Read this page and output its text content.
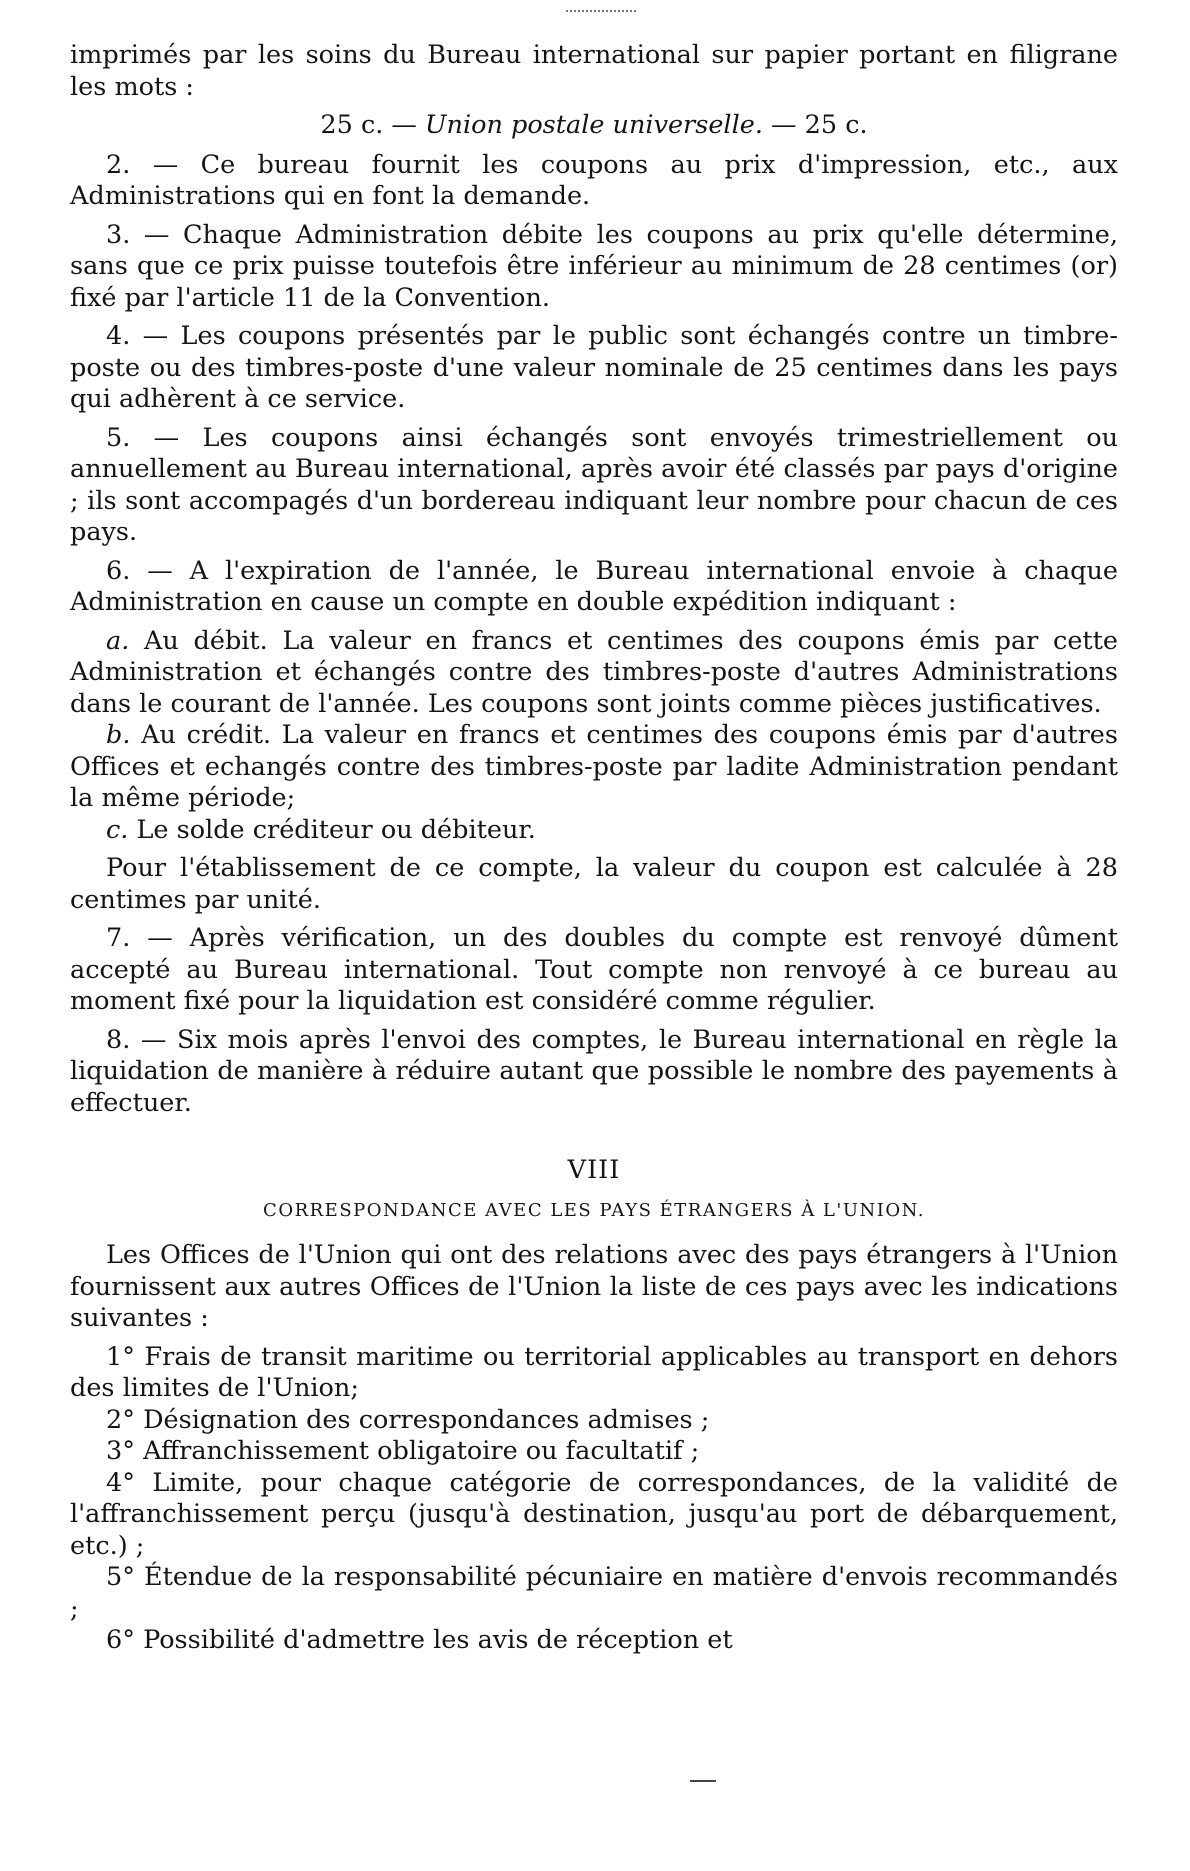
imprimés par les soins du Bureau international sur papier portant en filigrane les mots :

25 c. — Union postale universelle. — 25 c.

2. — Ce bureau fournit les coupons au prix d'impression, etc., aux Administrations qui en font la demande.

3. — Chaque Administration débite les coupons au prix qu'elle détermine, sans que ce prix puisse toutefois être inférieur au minimum de 28 centimes (or) fixé par l'article 11 de la Convention.

4. — Les coupons présentés par le public sont échangés contre un timbre-poste ou des timbres-poste d'une valeur nominale de 25 centimes dans les pays qui adhèrent à ce service.

5. — Les coupons ainsi échangés sont envoyés trimestriellement ou annuellement au Bureau international, après avoir été classés par pays d'origine ; ils sont accompagés d'un bordereau indiquant leur nombre pour chacun de ces pays.

6. — A l'expiration de l'année, le Bureau international envoie à chaque Administration en cause un compte en double expédition indiquant :

a. Au débit. La valeur en francs et centimes des coupons émis par cette Administration et échangés contre des timbres-poste d'autres Administrations dans le courant de l'année. Les coupons sont joints comme pièces justificatives.

b. Au crédit. La valeur en francs et centimes des coupons émis par d'autres Offices et echangés contre des timbres-poste par ladite Administration pendant la même période;

c. Le solde créditeur ou débiteur.

Pour l'établissement de ce compte, la valeur du coupon est calculée à 28 centimes par unité.

7. — Après vérification, un des doubles du compte est renvoyé dûment accepté au Bureau international. Tout compte non renvoyé à ce bureau au moment fixé pour la liquidation est considéré comme régulier.

8. — Six mois après l'envoi des comptes, le Bureau international en règle la liquidation de manière à réduire autant que possible le nombre des payements à effectuer.

VIII
CORRESPONDANCE AVEC LES PAYS ÉTRANGERS À L'UNION.

Les Offices de l'Union qui ont des relations avec des pays étrangers à l'Union fournissent aux autres Offices de l'Union la liste de ces pays avec les indications suivantes :

1° Frais de transit maritime ou territorial applicables au transport en dehors des limites de l'Union;

2° Désignation des correspondances admises ;

3° Affranchissement obligatoire ou facultatif ;

4° Limite, pour chaque catégorie de correspondances, de la validité de l'affranchissement perçu (jusqu'à destination, jusqu'au port de débarquement, etc.) ;

5° Étendue de la responsabilité pécuniaire en matière d'envois recommandés ;

6° Possibilité d'admettre les avis de réception et
